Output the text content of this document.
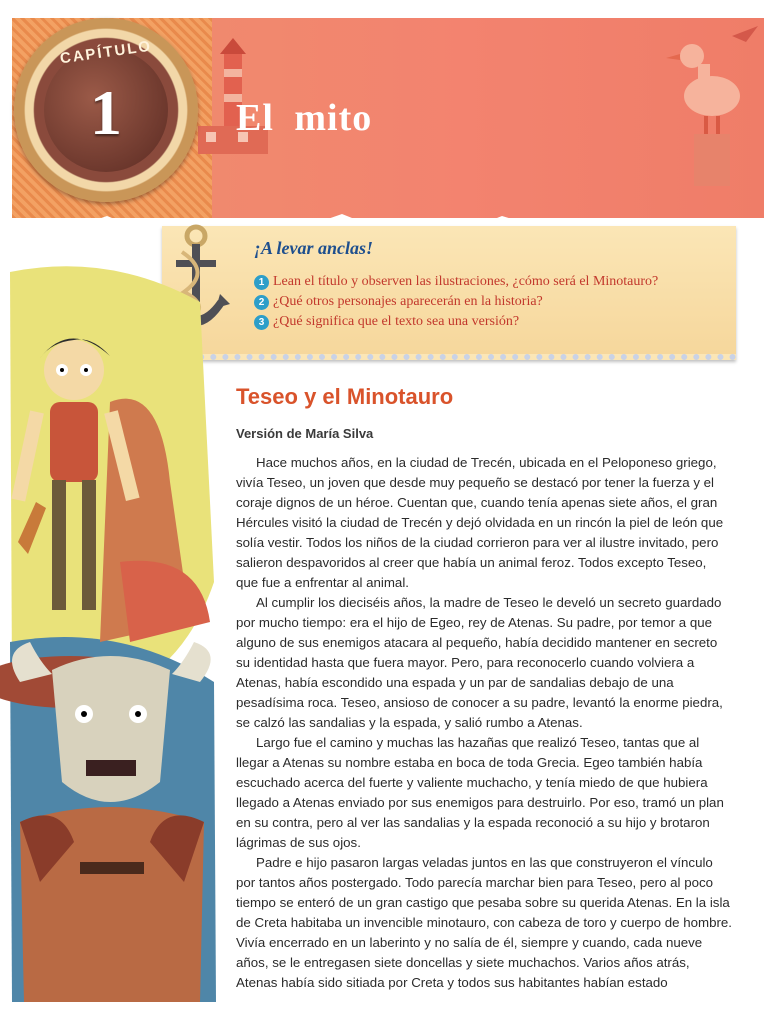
CAPÍTULO
1	El mito
¡A levar anclas!
1 Lean el título y observen las ilustraciones, ¿cómo será el Minotauro?
2 ¿Qué otros personajes aparecerán en la historia?
3 ¿Qué significa que el texto sea una versión?
Teseo y el Minotauro
Versión de María Silva

Hace muchos años, en la ciudad de Trecén, ubicada en el Peloponeso griego, vivía Teseo, un joven que desde muy pequeño se destacó por tener la fuerza y el coraje dignos de un héroe. Cuentan que, cuando tenía apenas siete años, el gran Hércules visitó la ciudad de Trecén y dejó olvidada en un rincón la piel de león que solía vestir. Todos los niños de la ciudad corrieron para ver al ilustre invitado, pero salieron despavoridos al creer que había un animal feroz. Todos excepto Teseo, que fue a enfrentar al animal.

Al cumplir los dieciséis años, la madre de Teseo le develó un secreto guardado por mucho tiempo: era el hijo de Egeo, rey de Atenas. Su padre, por temor a que alguno de sus enemigos atacara al pequeño, había decidido mantener en secreto su identidad hasta que fuera mayor. Pero, para reconocerlo cuando volviera a Atenas, había escondido una espada y un par de sandalias debajo de una pesadísima roca. Teseo, ansioso de conocer a su padre, levantó la enorme piedra, se calzó las sandalias y la espada, y salió rumbo a Atenas.

Largo fue el camino y muchas las hazañas que realizó Teseo, tantas que al llegar a Atenas su nombre estaba en boca de toda Grecia. Egeo también había escuchado acerca del fuerte y valiente muchacho, y tenía miedo de que hubiera llegado a Atenas enviado por sus enemigos para destruirlo. Por eso, tramó un plan en su contra, pero al ver las sandalias y la espada reconoció a su hijo y brotaron lágrimas de sus ojos.

Padre e hijo pasaron largas veladas juntos en las que construyeron el vínculo por tantos años postergado. Todo parecía marchar bien para Teseo, pero al poco tiempo se enteró de un gran castigo que pesaba sobre su querida Atenas. En la isla de Creta habitaba un invencible minotauro, con cabeza de toro y cuerpo de hombre. Vivía encerrado en un laberinto y no salía de él, siempre y cuando, cada nueve años, se le entregasen siete doncellas y siete muchachos. Varios años atrás, Atenas había sido sitiada por Creta y todos sus habitantes habían estado
